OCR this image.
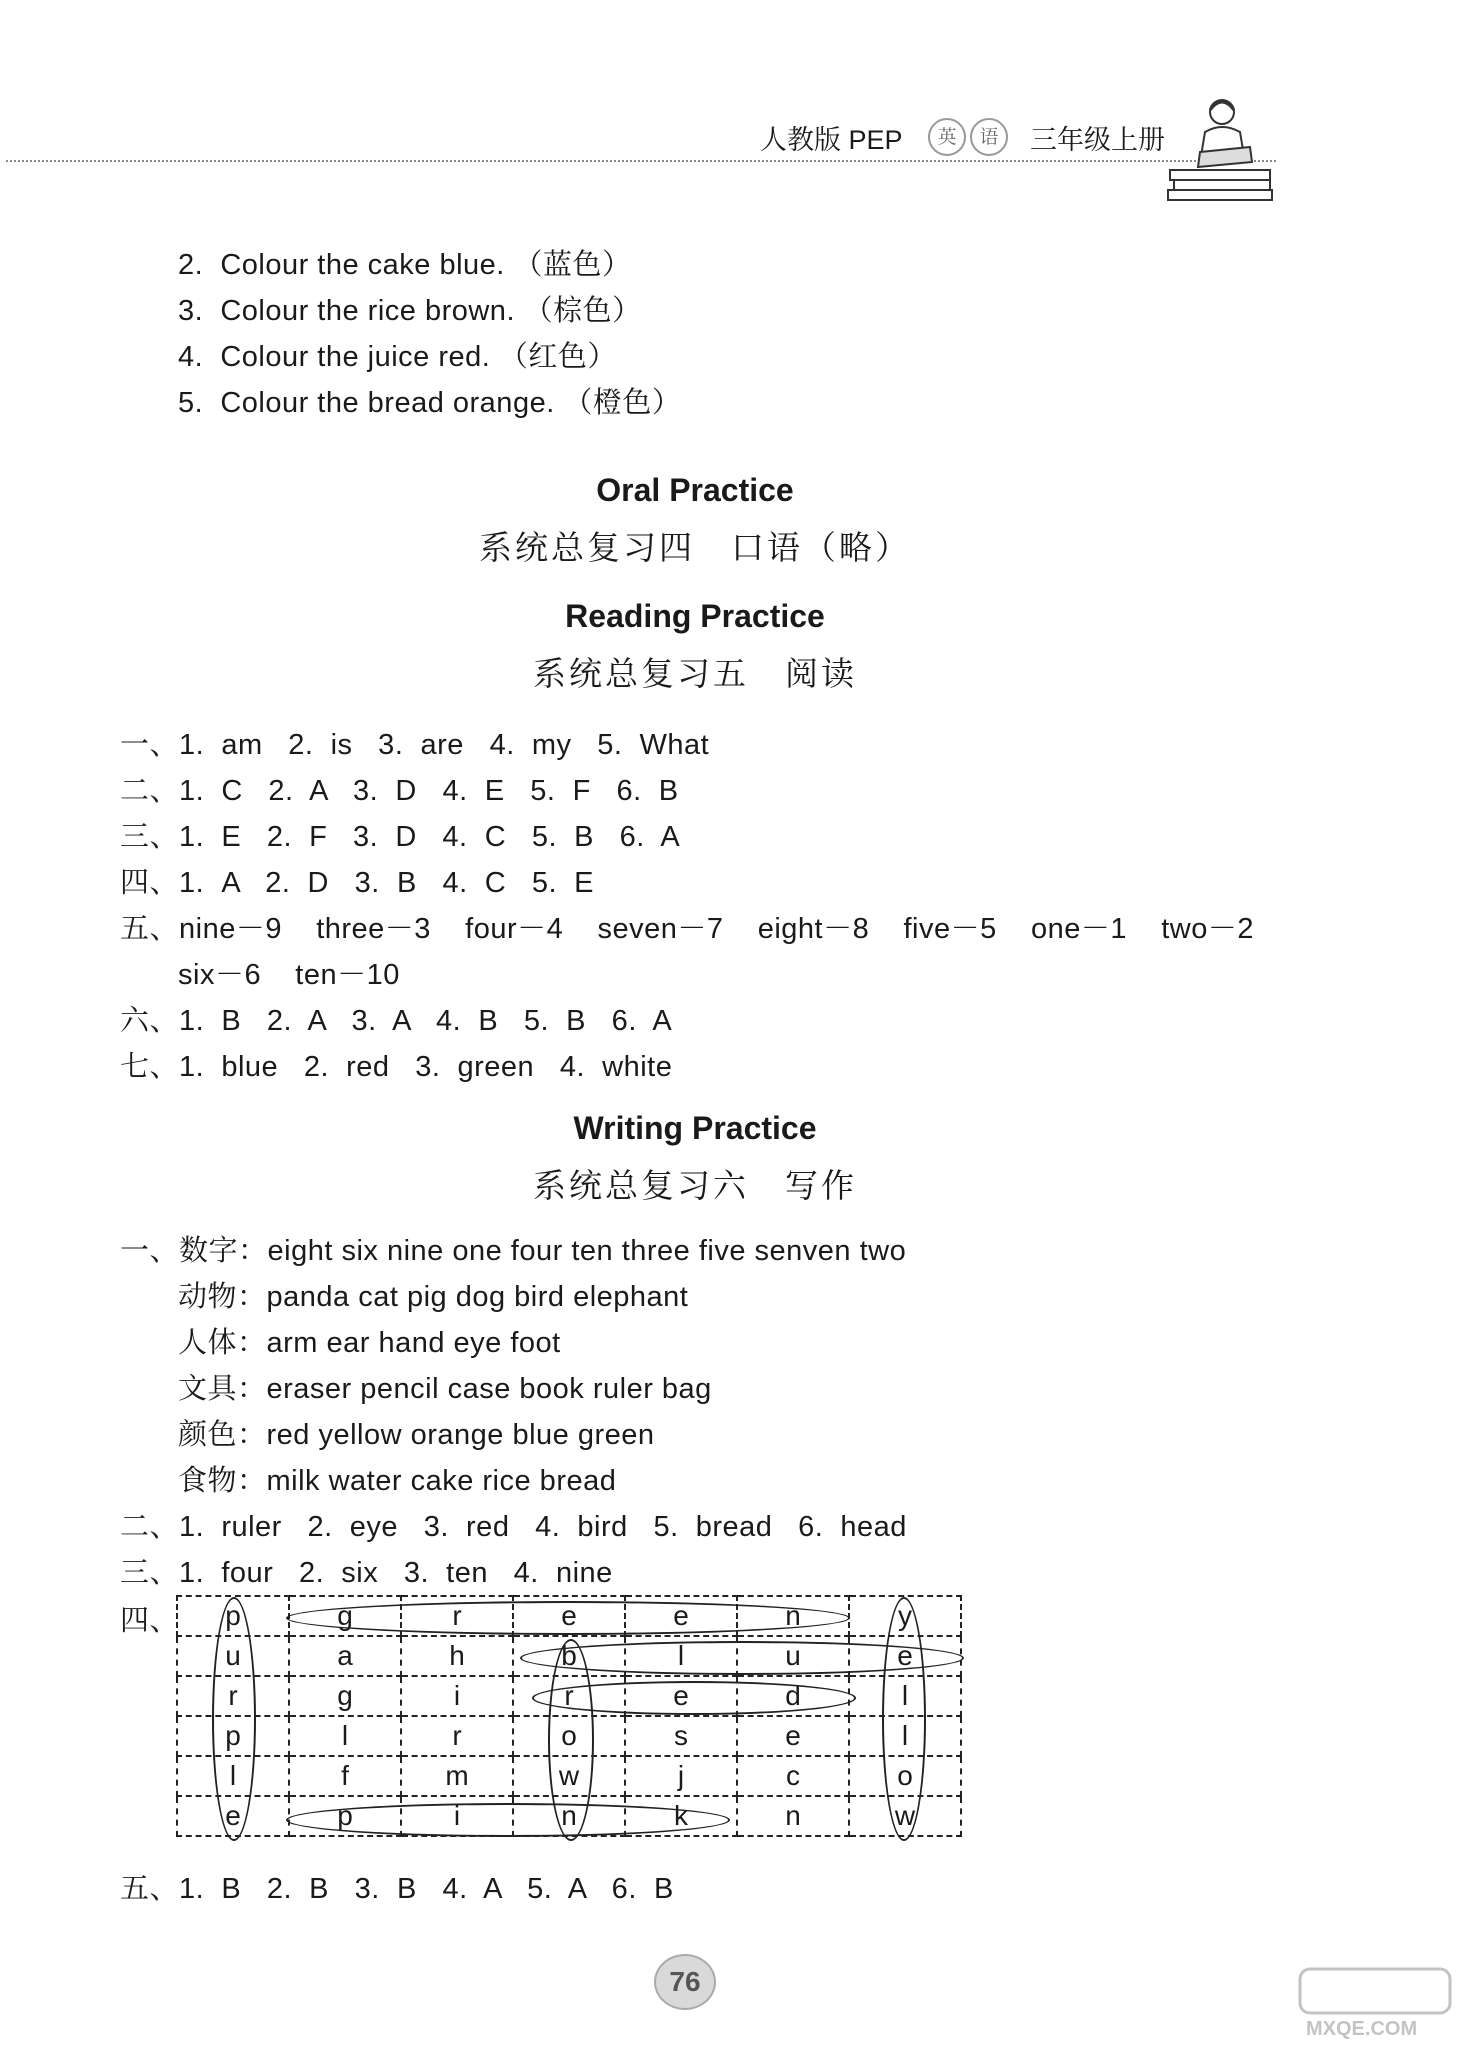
人教版 PEP	英	语	三年级上册
2. Colour the cake blue. （蓝色）
3. Colour the rice brown. （棕色）
4. Colour the juice red. （红色）
5. Colour the bread orange. （橙色）
Oral Practice
系统总复习四　口语（略）
Reading Practice
系统总复习五　阅读
一、1.  am   2.  is   3.  are   4.  my   5.  What
二、1.  C   2.  A   3.  D   4.  E   5.  F   6.  B
三、1.  E   2.  F   3.  D   4.  C   5.  B   6.  A
四、1.  A   2.  D   3.  B   4.  C   5.  E
五、nine－9    three－3    four－4    seven－7    eight－8    five－5    one－1    two－2
six－6    ten－10
六、1.  B   2.  A   3.  A   4.  B   5.  B   6.  A
七、1.  blue   2.  red   3.  green   4.  white
Writing Practice
系统总复习六　写作
一、数字：eight six nine one four ten three five senven two
动物：panda cat pig dog bird elephant
人体：arm ear hand eye foot
文具：eraser pencil case book ruler bag
颜色：red yellow orange blue green
食物：milk water cake rice bread
二、1.  ruler   2.  eye   3.  red   4.  bird   5.  bread   6.  head
三、1.  four   2.  six   3.  ten   4.  nine
四、 p	g	r	e	e	n	y
u	a	h	b	l	u	e
r	g	i	r	e	d	l
p	l	r	o	s	e	l
l	f	m	w	j	c	o
e	p	i	n	k	n	w
五、1.  B   2.  B   3.  B   4.  A   5.  A   6.  B
76
MXQE.COM
